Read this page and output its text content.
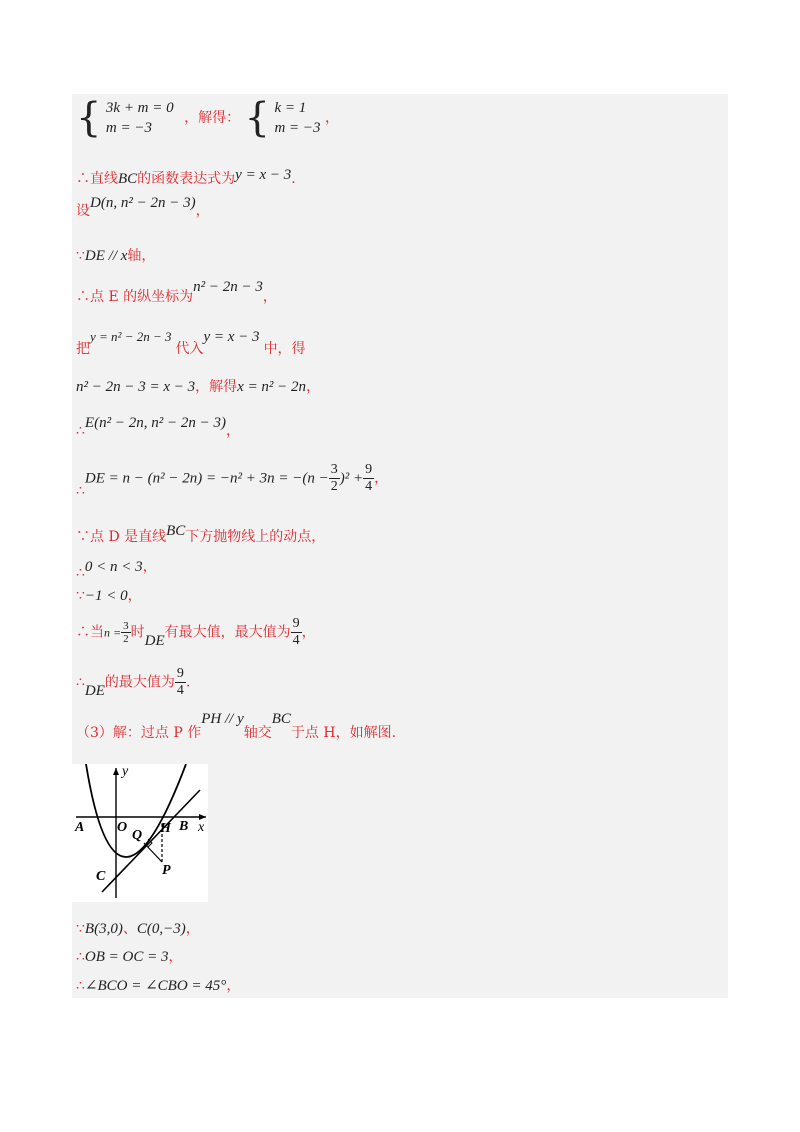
{ 3k + m = 0
m = −3
，解得： { k = 1
m = −3
，
∴直线BC的函数表达式为y = x − 3.
设D(n, n² − 2n − 3)，
∵DE // x轴，
∴点 E 的纵坐标为n² − 2n − 3，
把y = n² − 2n − 3代入y = x − 3中，得
n² − 2n − 3 = x − 3，解得x = n² − 2n，
∴E(n² − 2n, n² − 2n − 3)，
∴DE = $n - (n^2 - 2n) = -n^2 + 3n = -(n - \frac{3}{2} )^2 + \frac{9}{4}$ ，
∵点 D 是直线BC下方抛物线上的动点，
∴0 < n < 3，
∵−1 < 0，
∴当$n = \frac{3}{2}$ 时DE有最大值，最大值为 $\frac{9}{4}$ ，
∴DE的最大值为 $\frac{9}{4}$ .
（3）解：过点 P 作PH // y轴交BC于点 H，如解图.
y
x
A O
Q H B
C	P
∵B(3,0)、C(0,−3)，
∴OB = OC = 3，
∴∠BCO = ∠CBO = 45°，
